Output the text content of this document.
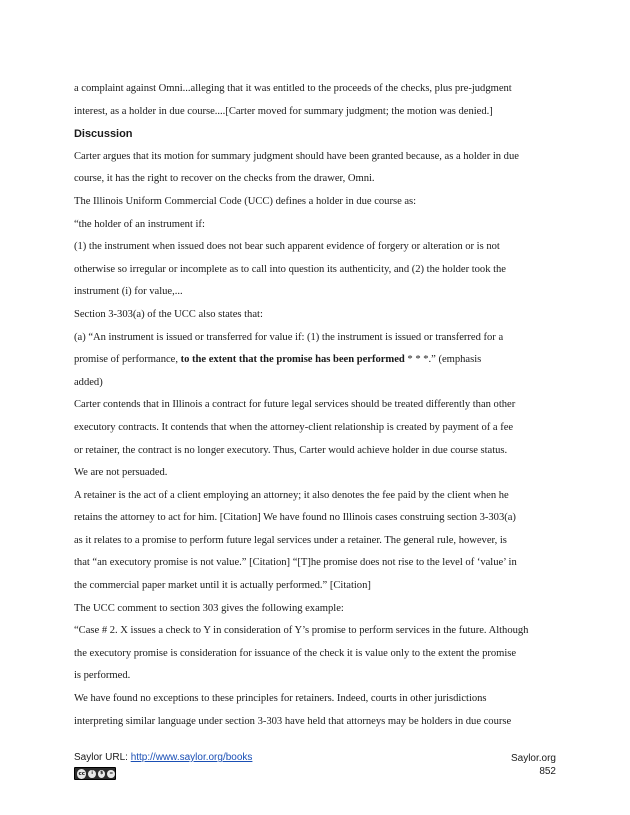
a complaint against Omni...alleging that it was entitled to the proceeds of the checks, plus pre-judgment
interest, as a holder in due course....[Carter moved for summary judgment; the motion was denied.]
Discussion
Carter argues that its motion for summary judgment should have been granted because, as a holder in due
course, it has the right to recover on the checks from the drawer, Omni.
The Illinois Uniform Commercial Code (UCC) defines a holder in due course as:
“the holder of an instrument if:
(1) the instrument when issued does not bear such apparent evidence of forgery or alteration or is not
otherwise so irregular or incomplete as to call into question its authenticity, and (2) the holder took the
instrument (i) for value,...
Section 3-303(a) of the UCC also states that:
(a) “An instrument is issued or transferred for value if: (1) the instrument is issued or transferred for a
promise of performance, to the extent that the promise has been performed * * *.” (emphasis
added)
Carter contends that in Illinois a contract for future legal services should be treated differently than other
executory contracts. It contends that when the attorney-client relationship is created by payment of a fee
or retainer, the contract is no longer executory. Thus, Carter would achieve holder in due course status.
We are not persuaded.
A retainer is the act of a client employing an attorney; it also denotes the fee paid by the client when he
retains the attorney to act for him. [Citation] We have found no Illinois cases construing section 3-303(a)
as it relates to a promise to perform future legal services under a retainer. The general rule, however, is
that “an executory promise is not value.” [Citation] “[T]he promise does not rise to the level of ‘value’ in
the commercial paper market until it is actually performed.” [Citation]
The UCC comment to section 303 gives the following example:
“Case # 2. X issues a check to Y in consideration of Y’s promise to perform services in the future. Although
the executory promise is consideration for issuance of the check it is value only to the extent the promise
is performed.
We have found no exceptions to these principles for retainers. Indeed, courts in other jurisdictions
interpreting similar language under section 3-303 have held that attorneys may be holders in due course
Saylor URL: http://www.saylor.org/books
cc	i	$	=
Saylor.org
852
